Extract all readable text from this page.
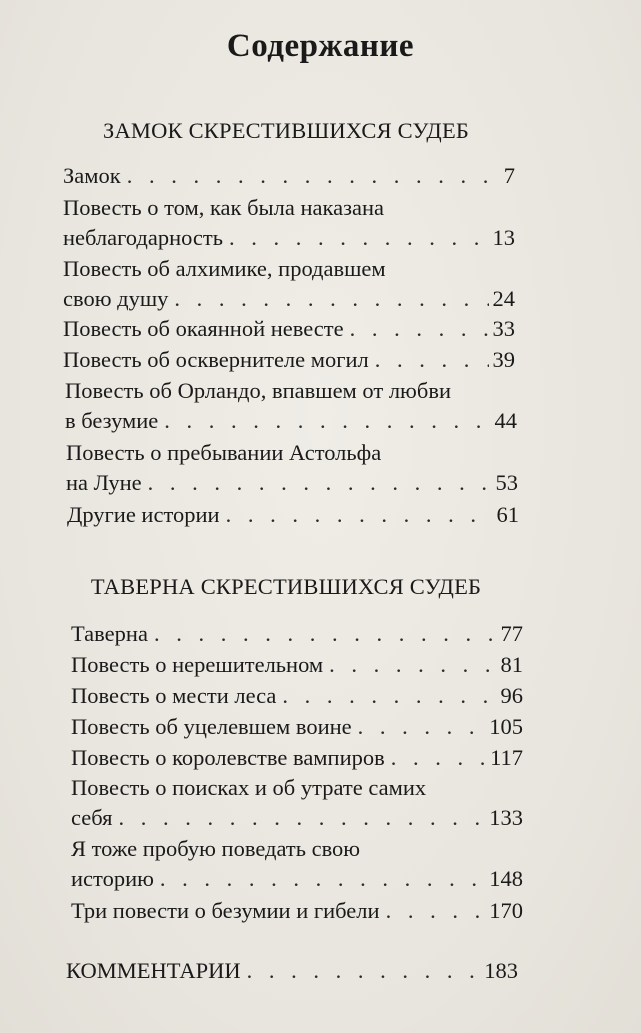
Содержание
ЗАМОК СКРЕСТИВШИХСЯ СУДЕБ
Замок . . .	7
Повесть о том, как была наказана
неблагодарность . . .	13
Повесть об алхимике, продавшем
свою душу . . .	24
Повесть об окаянной невесте . . .	33
Повесть об осквернителе могил . . .	39
Повесть об Орландо, впавшем от любви
в безумие . . .	44
Повесть о пребывании Астольфа
на Луне . . .	53
Другие истории . . .	61
ТАВЕРНА СКРЕСТИВШИХСЯ СУДЕБ
Таверна . . .	77
Повесть о нерешительном . . .	81
Повесть о мести леса . . .	96
Повесть об уцелевшем воине . . .	105
Повесть о королевстве вампиров . . .	117
Повесть о поисках и об утрате самих
себя . . .	133
Я тоже пробую поведать свою
историю . . .	148
Три повести о безумии и гибели . . .	170
КОММЕНТАРИИ . . .	183
